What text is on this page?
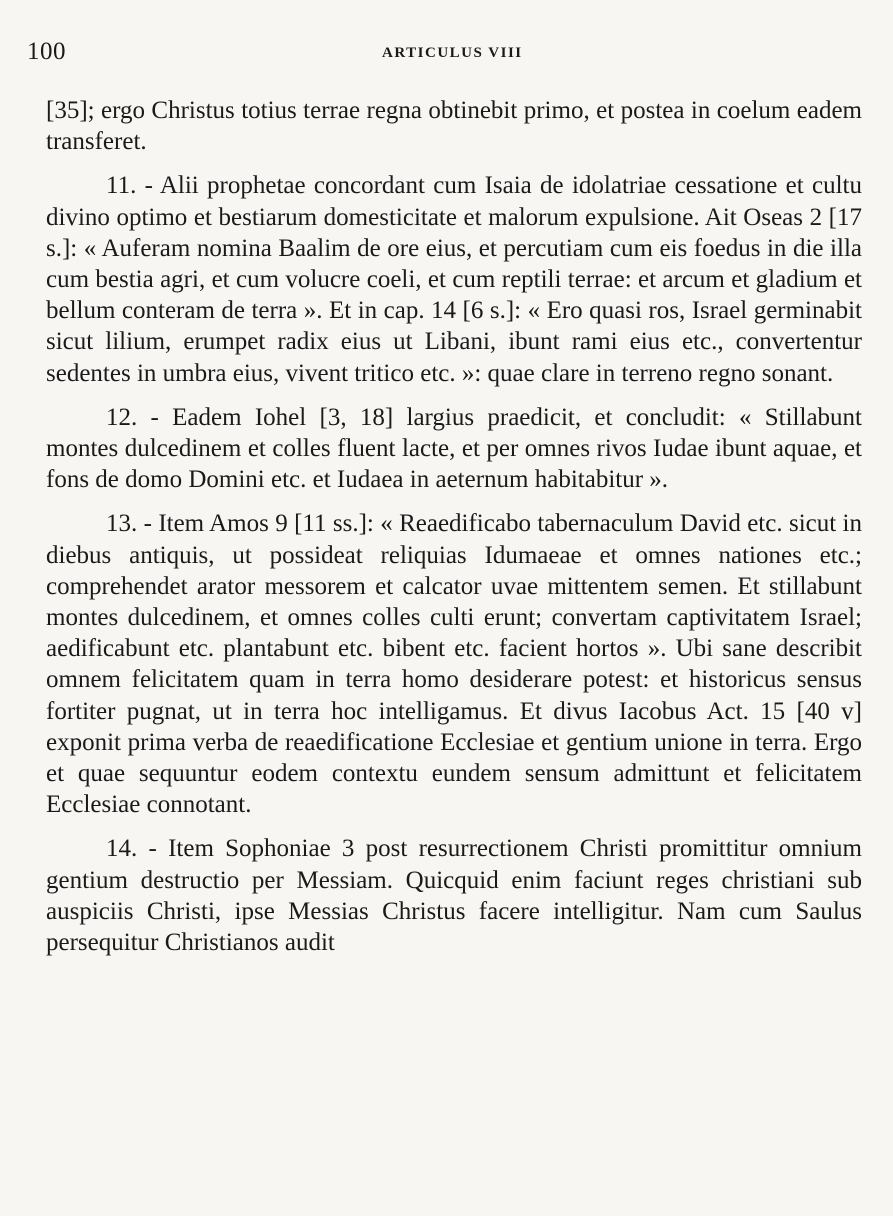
100	ARTICULUS VIII

[35]; ergo Christus totius terrae regna obtinebit primo, et postea in coelum eadem transferet.

11. - Alii prophetae concordant cum Isaia de idolatriae cessatione et cultu divino optimo et bestiarum domesticitate et malorum expulsione. Ait Oseas 2 [17 s.]: « Auferam nomina Baalim de ore eius, et percutiam cum eis foedus in die illa cum bestia agri, et cum volucre coeli, et cum reptili terrae: et arcum et gladium et bellum conteram de terra ». Et in cap. 14 [6 s.]: « Ero quasi ros, Israel germinabit sicut lilium, erumpet radix eius ut Libani, ibunt rami eius etc., convertentur sedentes in umbra eius, vivent tritico etc. »: quae clare in terreno regno sonant.

12. - Eadem Iohel [3, 18] largius praedicit, et concludit: « Stillabunt montes dulcedinem et colles fluent lacte, et per omnes rivos Iudae ibunt aquae, et fons de domo Domini etc. et Iudaea in aeternum habitabitur ».

13. - Item Amos 9 [11 ss.]: « Reaedificabo tabernaculum David etc. sicut in diebus antiquis, ut possideat reliquias Idumaeae et omnes nationes etc.; comprehendet arator messorem et calcator uvae mittentem semen. Et stillabunt montes dulcedinem, et omnes colles culti erunt; convertam captivitatem Israel; aedificabunt etc. plantabunt etc. bibent etc. facient hortos ». Ubi sane describit omnem felicitatem quam in terra homo desiderare potest: et historicus sensus fortiter pugnat, ut in terra hoc intelligamus. Et divus Iacobus Act. 15 [40 v] exponit prima verba de reaedificatione Ecclesiae et gentium unione in terra. Ergo et quae sequuntur eodem contextu eundem sensum admittunt et felicitatem Ecclesiae connotant.

14. - Item Sophoniae 3 post resurrectionem Christi promittitur omnium gentium destructio per Messiam. Quicquid enim faciunt reges christiani sub auspiciis Christi, ipse Messias Christus facere intelligitur. Nam cum Saulus persequitur Christianos audit
